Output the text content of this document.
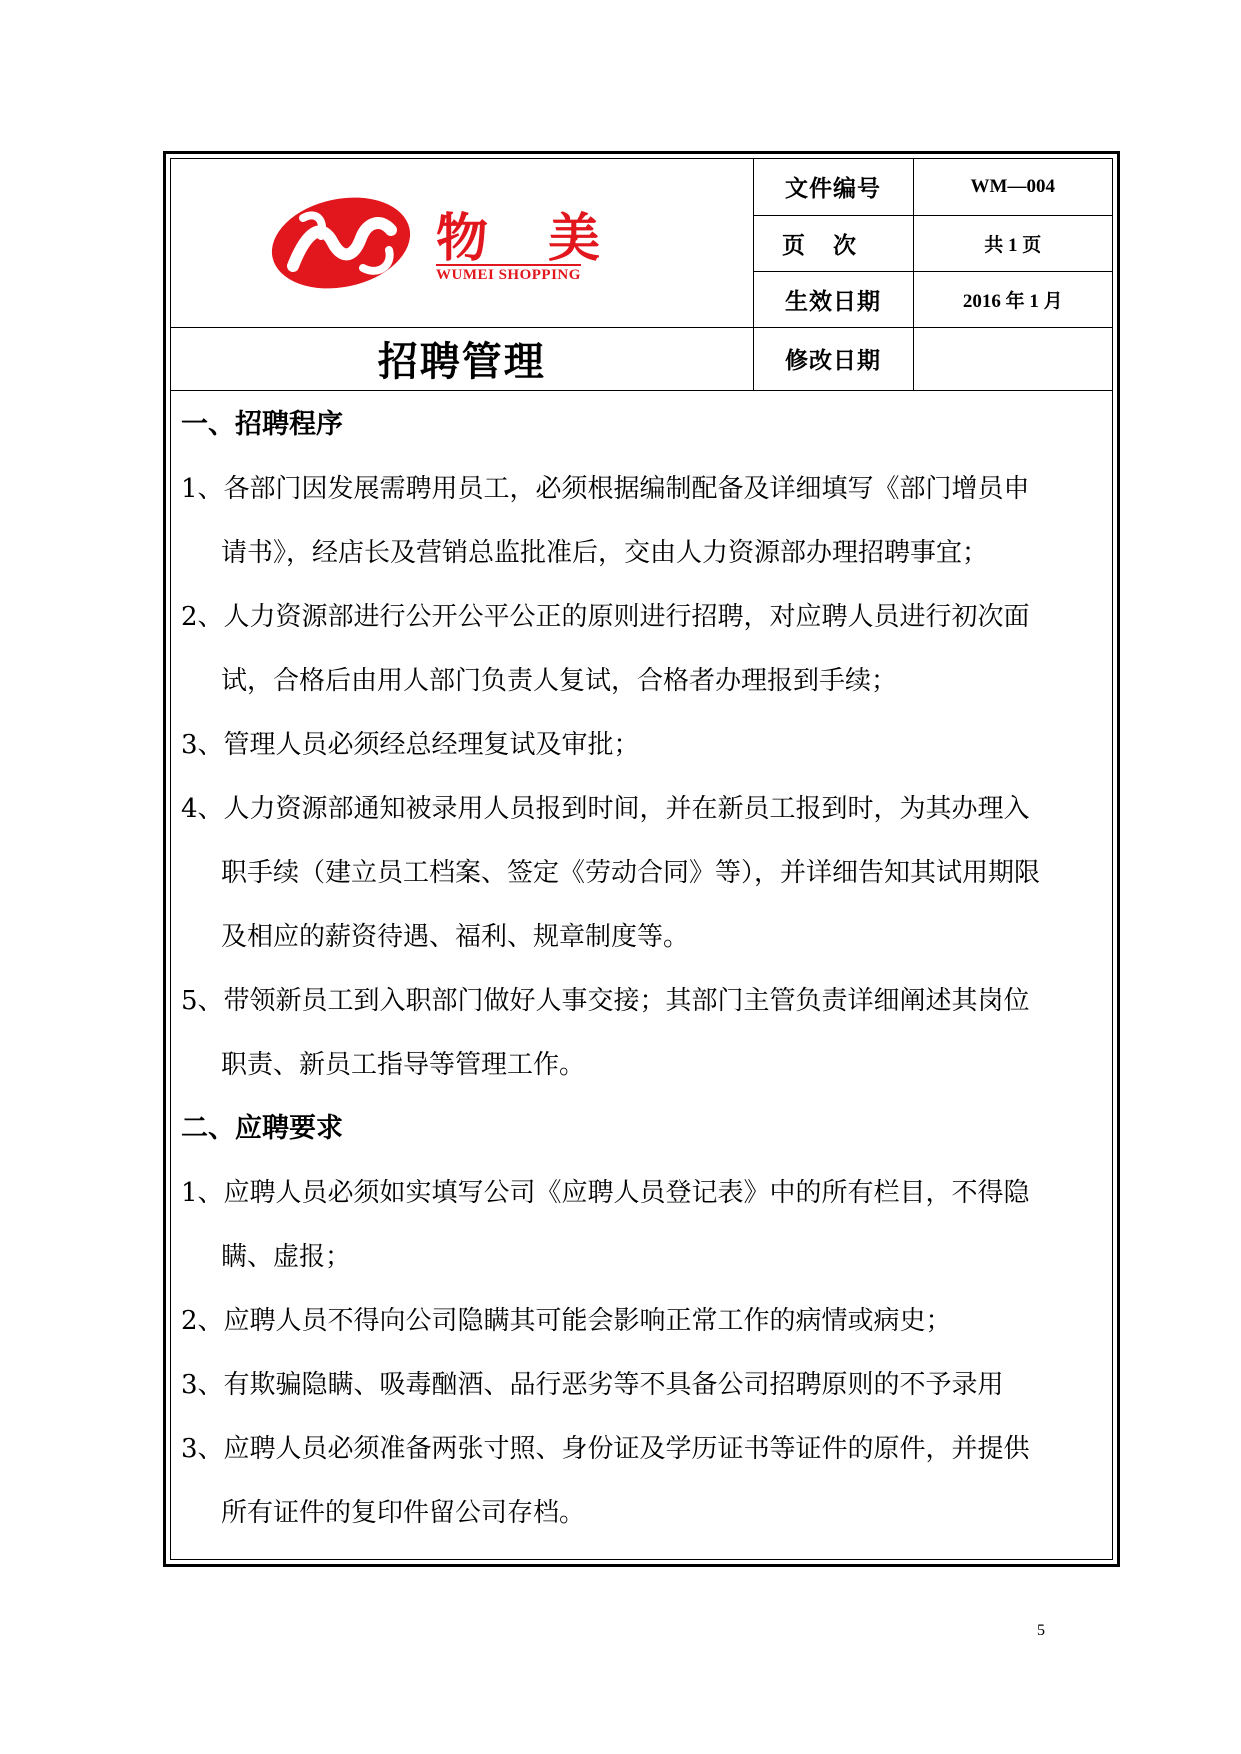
物美
WUMEI SHOPPING	文件编号	WM—004
	页次	共 1 页
	生效日期	2016 年 1 月
招聘管理	修改日期	
一、招聘程序
1、各部门因发展需聘用员工，必须根据编制配备及详细填写《部门增员申
请书》，经店长及营销总监批准后，交由人力资源部办理招聘事宜；
2、人力资源部进行公开公平公正的原则进行招聘，对应聘人员进行初次面
试，合格后由用人部门负责人复试，合格者办理报到手续；
3、管理人员必须经总经理复试及审批；
4、人力资源部通知被录用人员报到时间，并在新员工报到时，为其办理入
职手续（建立员工档案、签定《劳动合同》等），并详细告知其试用期限
及相应的薪资待遇、福利、规章制度等。
5、带领新员工到入职部门做好人事交接；其部门主管负责详细阐述其岗位
职责、新员工指导等管理工作。
二、应聘要求
1、应聘人员必须如实填写公司《应聘人员登记表》中的所有栏目，不得隐
瞒、虚报；
2、应聘人员不得向公司隐瞒其可能会影响正常工作的病情或病史；
3、有欺骗隐瞒、吸毒酗酒、品行恶劣等不具备公司招聘原则的不予录用
3、应聘人员必须准备两张寸照、身份证及学历证书等证件的原件，并提供
所有证件的复印件留公司存档。
5
